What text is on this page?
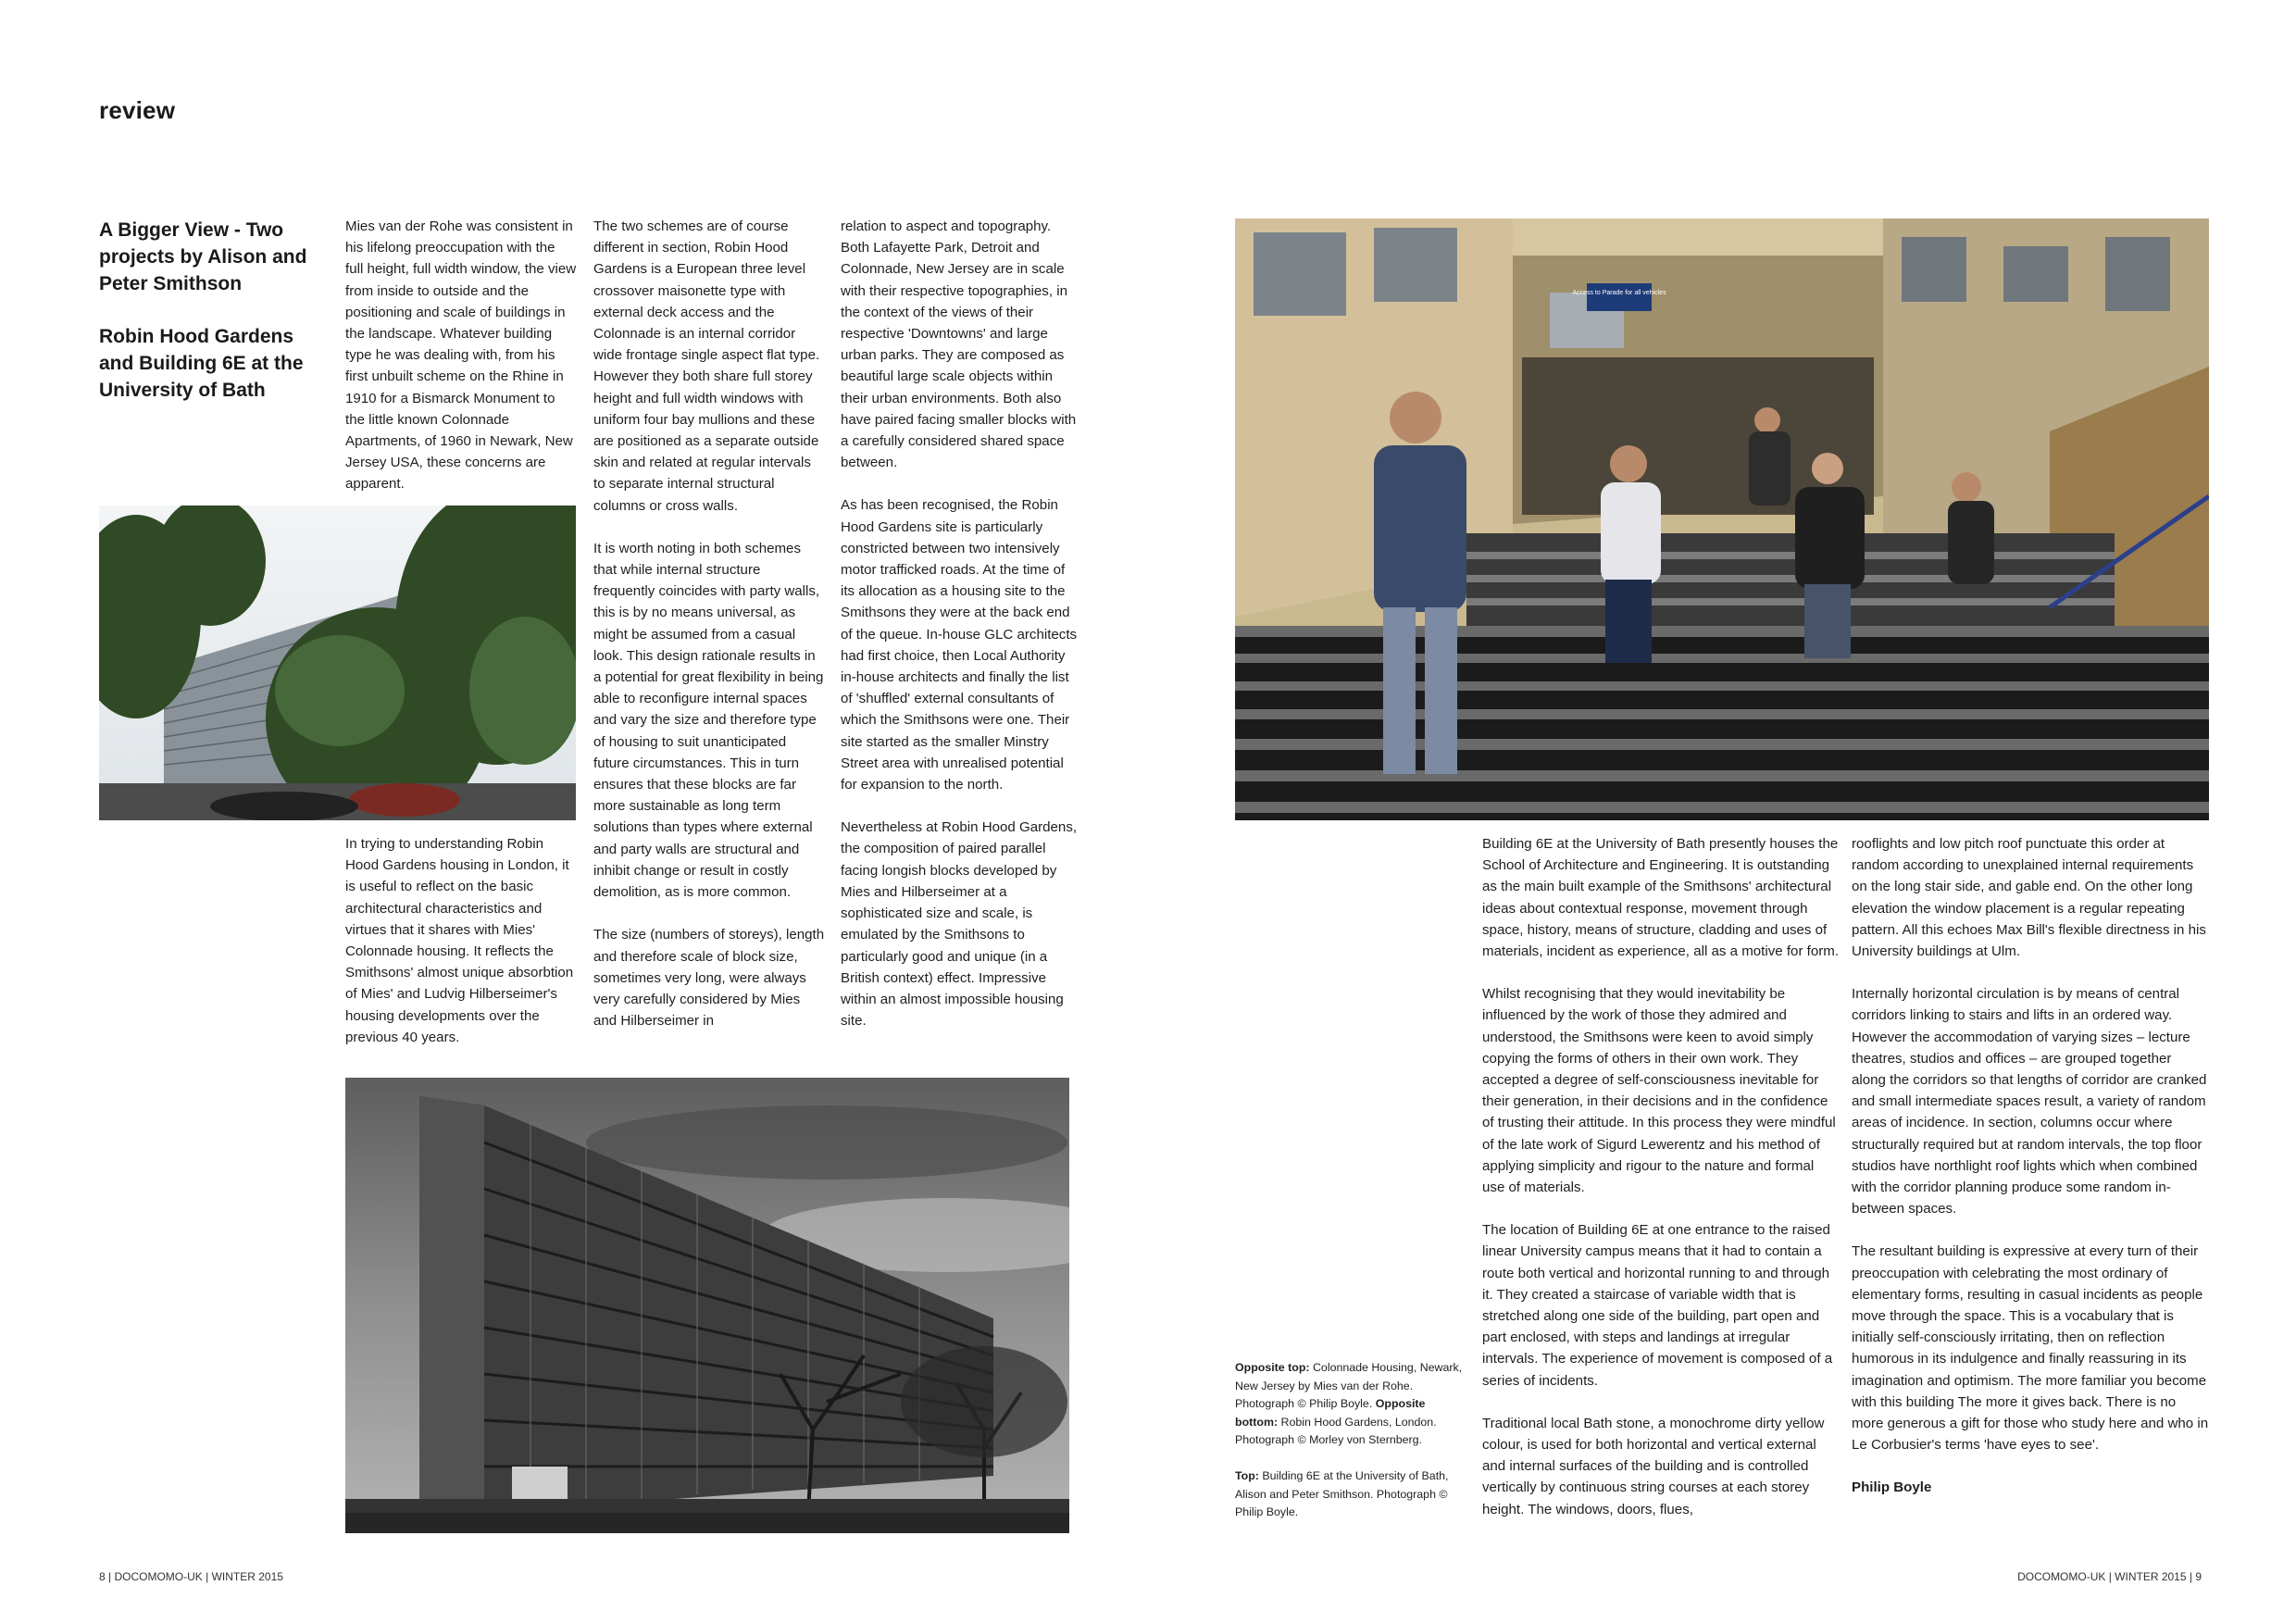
review

A Bigger View - Two projects by Alison and Peter Smithson

Robin Hood Gardens and Building 6E at the University of Bath

Mies van der Rohe was consistent in his lifelong preoccupation with the full height, full width window, the view from inside to outside and the positioning and scale of buildings in the landscape. Whatever building type he was dealing with, from his first unbuilt scheme on the Rhine in 1910 for a Bismarck Monument to the little known Colonnade Apartments, of 1960 in Newark, New Jersey USA, these concerns are apparent.

The two schemes are of course different in section, Robin Hood Gardens is a European three level crossover maisonette type with external deck access and the Colonnade is an internal corridor wide frontage single aspect flat type. However they both share full storey height and full width windows with uniform four bay mullions and these are positioned as a separate outside skin and related at regular intervals to separate internal structural columns or cross walls.

It is worth noting in both schemes that while internal structure frequently coincides with party walls, this is by no means universal, as might be assumed from a casual look. This design rationale results in a potential for great flexibility in being able to reconfigure internal spaces and vary the size and therefore type of housing to suit unanticipated future circumstances. This in turn ensures that these blocks are far more sustainable as long term solutions than types where external and party walls are structural and inhibit change or result in costly demolition, as is more common.

The size (numbers of storeys), length and therefore scale of block size, sometimes very long, were always very carefully considered by Mies and Hilberseimer in

relation to aspect and topography. Both Lafayette Park, Detroit and Colonnade, New Jersey are in scale with their respective topographies, in the context of the views of their respective 'Downtowns' and large urban parks. They are composed as beautiful large scale objects within their urban environments. Both also have paired facing smaller blocks with a carefully considered shared space between.

As has been recognised, the Robin Hood Gardens site is particularly constricted between two intensively motor trafficked roads. At the time of its allocation as a housing site to the Smithsons they were at the back end of the queue. In-house GLC architects had first choice, then Local Authority in-house architects and finally the list of 'shuffled' external consultants of which the Smithsons were one. Their site started as the smaller Minstry Street area with unrealised potential for expansion to the north.

Nevertheless at Robin Hood Gardens, the composition of paired parallel facing longish blocks developed by Mies and Hilberseimer at a sophisticated size and scale, is emulated by the Smithsons to particularly good and unique (in a British context) effect. Impressive within an almost impossible housing site.

In trying to understanding Robin Hood Gardens housing in London, it is useful to reflect on the basic architectural characteristics and virtues that it shares with Mies' Colonnade housing. It reflects the Smithsons' almost unique absorbtion of Mies' and Ludvig Hilberseimer's housing developments over the previous 40 years.

8 | DOCOMOMO-UK | WINTER 2015
Access to Parade for all vehicles

Opposite top: Colonnade Housing, Newark, New Jersey by Mies van der Rohe. Photograph © Philip Boyle. Opposite bottom: Robin Hood Gardens, London. Photograph © Morley von Sternberg.

Top: Building 6E at the University of Bath, Alison and Peter Smithson. Photograph © Philip Boyle.

Building 6E at the University of Bath presently houses the School of Architecture and Engineering. It is outstanding as the main built example of the Smithsons' architectural ideas about contextual response, movement through space, history, means of structure, cladding and uses of materials, incident as experience, all as a motive for form.

Whilst recognising that they would inevitability be influenced by the work of those they admired and understood, the Smithsons were keen to avoid simply copying the forms of others in their own work. They accepted a degree of self-consciousness inevitable for their generation, in their decisions and in the confidence of trusting their attitude. In this process they were mindful of the late work of Sigurd Lewerentz and his method of applying simplicity and rigour to the nature and formal use of materials.

The location of Building 6E at one entrance to the raised linear University campus means that it had to contain a route both vertical and horizontal running to and through it. They created a staircase of variable width that is stretched along one side of the building, part open and part enclosed, with steps and landings at irregular intervals. The experience of movement is composed of a series of incidents.

Traditional local Bath stone, a monochrome dirty yellow colour, is used for both horizontal and vertical external and internal surfaces of the building and is controlled vertically by continuous string courses at each storey height. The windows, doors, flues,

rooflights and low pitch roof punctuate this order at random according to unexplained internal requirements on the long stair side, and gable end. On the other long elevation the window placement is a regular repeating pattern. All this echoes Max Bill's flexible directness in his University buildings at Ulm.

Internally horizontal circulation is by means of central corridors linking to stairs and lifts in an ordered way. However the accommodation of varying sizes – lecture theatres, studios and offices – are grouped together along the corridors so that lengths of corridor are cranked and small intermediate spaces result, a variety of random areas of incidence. In section, columns occur where structurally required but at random intervals, the top floor studios have northlight roof lights which when combined with the corridor planning produce some random in-between spaces.

The resultant building is expressive at every turn of their preoccupation with celebrating the most ordinary of elementary forms, resulting in casual incidents as people move through the space. This is a vocabulary that is initially self-consciously irritating, then on reflection humorous in its indulgence and finally reassuring in its imagination and optimism. The more familiar you become with this building The more it gives back. There is no more generous a gift for those who study here and who in Le Corbusier's terms 'have eyes to see'.

Philip Boyle

DOCOMOMO-UK | WINTER 2015 | 9
